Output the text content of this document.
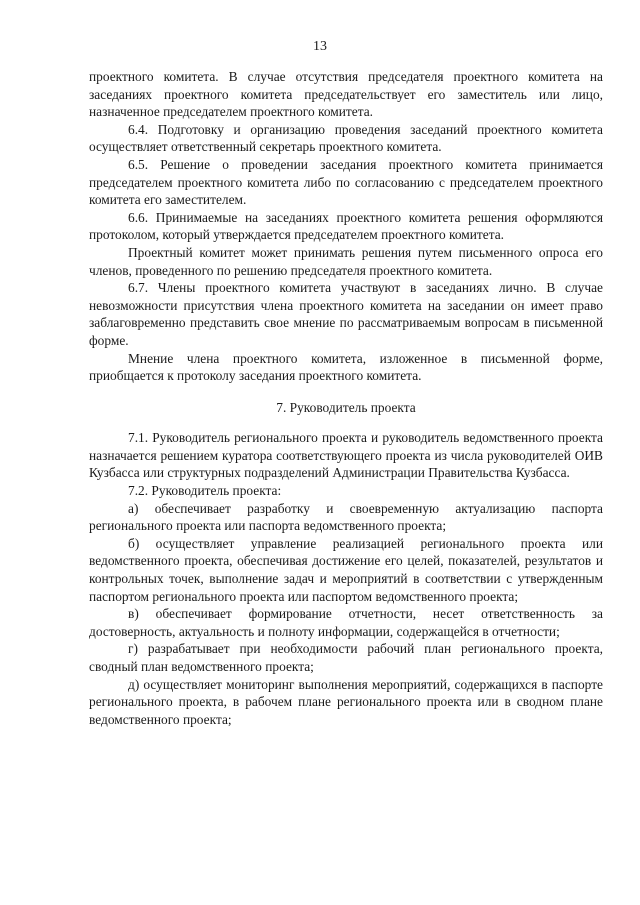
13

проектного комитета. В случае отсутствия председателя проектного комитета на заседаниях проектного комитета председательствует его заместитель или лицо, назначенное председателем проектного комитета.

6.4. Подготовку и организацию проведения заседаний проектного комитета осуществляет ответственный секретарь проектного комитета.

6.5. Решение о проведении заседания проектного комитета принимается председателем проектного комитета либо по согласованию с председателем проектного комитета его заместителем.

6.6. Принимаемые на заседаниях проектного комитета решения оформляются протоколом, который утверждается председателем проектного комитета.

Проектный комитет может принимать решения путем письменного опроса его членов, проведенного по решению председателя проектного комитета.

6.7. Члены проектного комитета участвуют в заседаниях лично. В случае невозможности присутствия члена проектного комитета на заседании он имеет право заблаговременно представить свое мнение по рассматриваемым вопросам в письменной форме.

Мнение члена проектного комитета, изложенное в письменной форме, приобщается к протоколу заседания проектного комитета.

7. Руководитель проекта

7.1. Руководитель регионального проекта и руководитель ведомственного проекта назначается решением куратора соответствующего проекта из числа руководителей ОИВ Кузбасса или структурных подразделений Администрации Правительства Кузбасса.

7.2. Руководитель проекта:

а) обеспечивает разработку и своевременную актуализацию паспорта регионального проекта или паспорта ведомственного проекта;

б) осуществляет управление реализацией регионального проекта или ведомственного проекта, обеспечивая достижение его целей, показателей, результатов и контрольных точек, выполнение задач и мероприятий в соответствии с утвержденным паспортом регионального проекта или паспортом ведомственного проекта;

в) обеспечивает формирование отчетности, несет ответственность за достоверность, актуальность и полноту информации, содержащейся в отчетности;

г) разрабатывает при необходимости рабочий план регионального проекта, сводный план ведомственного проекта;

д) осуществляет мониторинг выполнения мероприятий, содержащихся в паспорте регионального проекта, в рабочем плане регионального проекта или в сводном плане ведомственного проекта;
